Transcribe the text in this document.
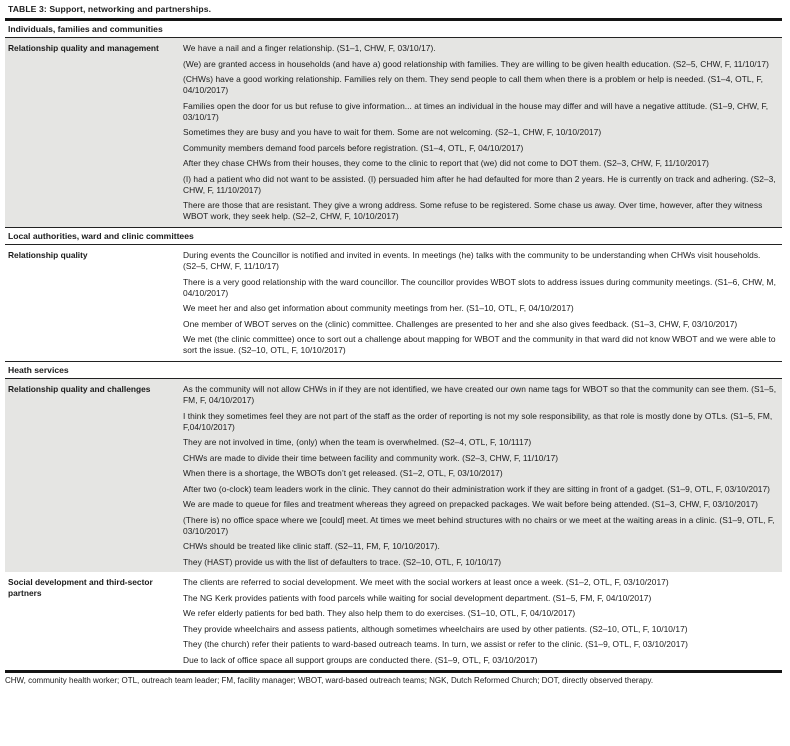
TABLE 3: Support, networking and partnerships.
Individuals, families and communities
Relationship quality and management	We have a nail and a finger relationship. (S1–1, CHW, F, 03/10/17).

(We) are granted access in households (and have a) good relationship with families. They are willing to be given health education. (S2–5, CHW, F, 11/10/17)

(CHWs) have a good working relationship. Families rely on them. They send people to call them when there is a problem or help is needed. (S1–4, OTL, F, 04/10/2017)

Families open the door for us but refuse to give information... at times an individual in the house may differ and will have a negative attitude. (S1–9, CHW, F, 03/10/17)

Sometimes they are busy and you have to wait for them. Some are not welcoming. (S2–1, CHW, F, 10/10/2017)

Community members demand food parcels before registration. (S1–4, OTL, F, 04/10/2017)

After they chase CHWs from their houses, they come to the clinic to report that (we) did not come to DOT them. (S2–3, CHW, F, 11/10/2017)

(I) had a patient who did not want to be assisted. (I) persuaded him after he had defaulted for more than 2 years. He is currently on track and adhering. (S2–3, CHW, F, 11/10/2017)

There are those that are resistant. They give a wrong address. Some refuse to be registered. Some chase us away. Over time, however, after they witness WBOT work, they seek help. (S2–2, CHW, F, 10/10/2017)

Local authorities, ward and clinic committees
Relationship quality	During events the Councillor is notified and invited in events. In meetings (he) talks with the community to be understanding when CHWs visit households. (S2–5, CHW, F, 11/10/17)

There is a very good relationship with the ward councillor. The councillor provides WBOT slots to address issues during community meetings. (S1–6, CHW, M, 04/10/2017)

We meet her and also get information about community meetings from her. (S1–10, OTL, F, 04/10/2017)

One member of WBOT serves on the (clinic) committee. Challenges are presented to her and she also gives feedback. (S1–3, CHW, F, 03/10/2017)

We met (the clinic committee) once to sort out a challenge about mapping for WBOT and the community in that ward did not know WBOT and we were able to sort the issue. (S2–10, OTL, F, 10/10/2017)

Heath services
Relationship quality and challenges	As the community will not allow CHWs in if they are not identified, we have created our own name tags for WBOT so that the community can see them. (S1–5, FM, F, 04/10/2017)

I think they sometimes feel they are not part of the staff as the order of reporting is not my sole responsibility, as that role is mostly done by OTLs. (S1–5, FM, F,04/10/2017)

They are not involved in time, (only) when the team is overwhelmed. (S2–4, OTL, F, 10/1117)

CHWs are made to divide their time between facility and community work. (S2–3, CHW, F, 11/10/17)

When there is a shortage, the WBOTs don’t get released. (S1–2, OTL, F, 03/10/2017)

After two (o-clock) team leaders work in the clinic. They cannot do their administration work if they are sitting in front of a gadget. (S1–9, OTL, F, 03/10/2017)

We are made to queue for files and treatment whereas they agreed on prepacked packages. We wait before being attended. (S1–3, CHW, F, 03/10/2017)

(There is) no office space where we [could] meet. At times we meet behind structures with no chairs or we meet at the waiting areas in a clinic. (S1–9, OTL, F, 03/10/2017)

CHWs should be treated like clinic staff. (S2–11, FM, F, 10/10/2017).

They (HAST) provide us with the list of defaulters to trace. (S2–10, OTL, F, 10/10/17)

Social development and third-sector partners

The clients are referred to social development. We meet with the social workers at least once a week. (S1–2, OTL, F, 03/10/2017)

The NG Kerk provides patients with food parcels while waiting for social development department. (S1–5, FM, F, 04/10/2017)

We refer elderly patients for bed bath. They also help them to do exercises. (S1–10, OTL, F, 04/10/2017)

They provide wheelchairs and assess patients, although sometimes wheelchairs are used by other patients. (S2–10, OTL, F, 10/10/17)

They (the church) refer their patients to ward-based outreach teams. In turn, we assist or refer to the clinic. (S1–9, OTL, F, 03/10/2017)

Due to lack of office space all support groups are conducted there. (S1–9, OTL, F, 03/10/2017)

CHW, community health worker; OTL, outreach team leader; FM, facility manager; WBOT, ward-based outreach teams; NGK, Dutch Reformed Church; DOT, directly observed therapy.
